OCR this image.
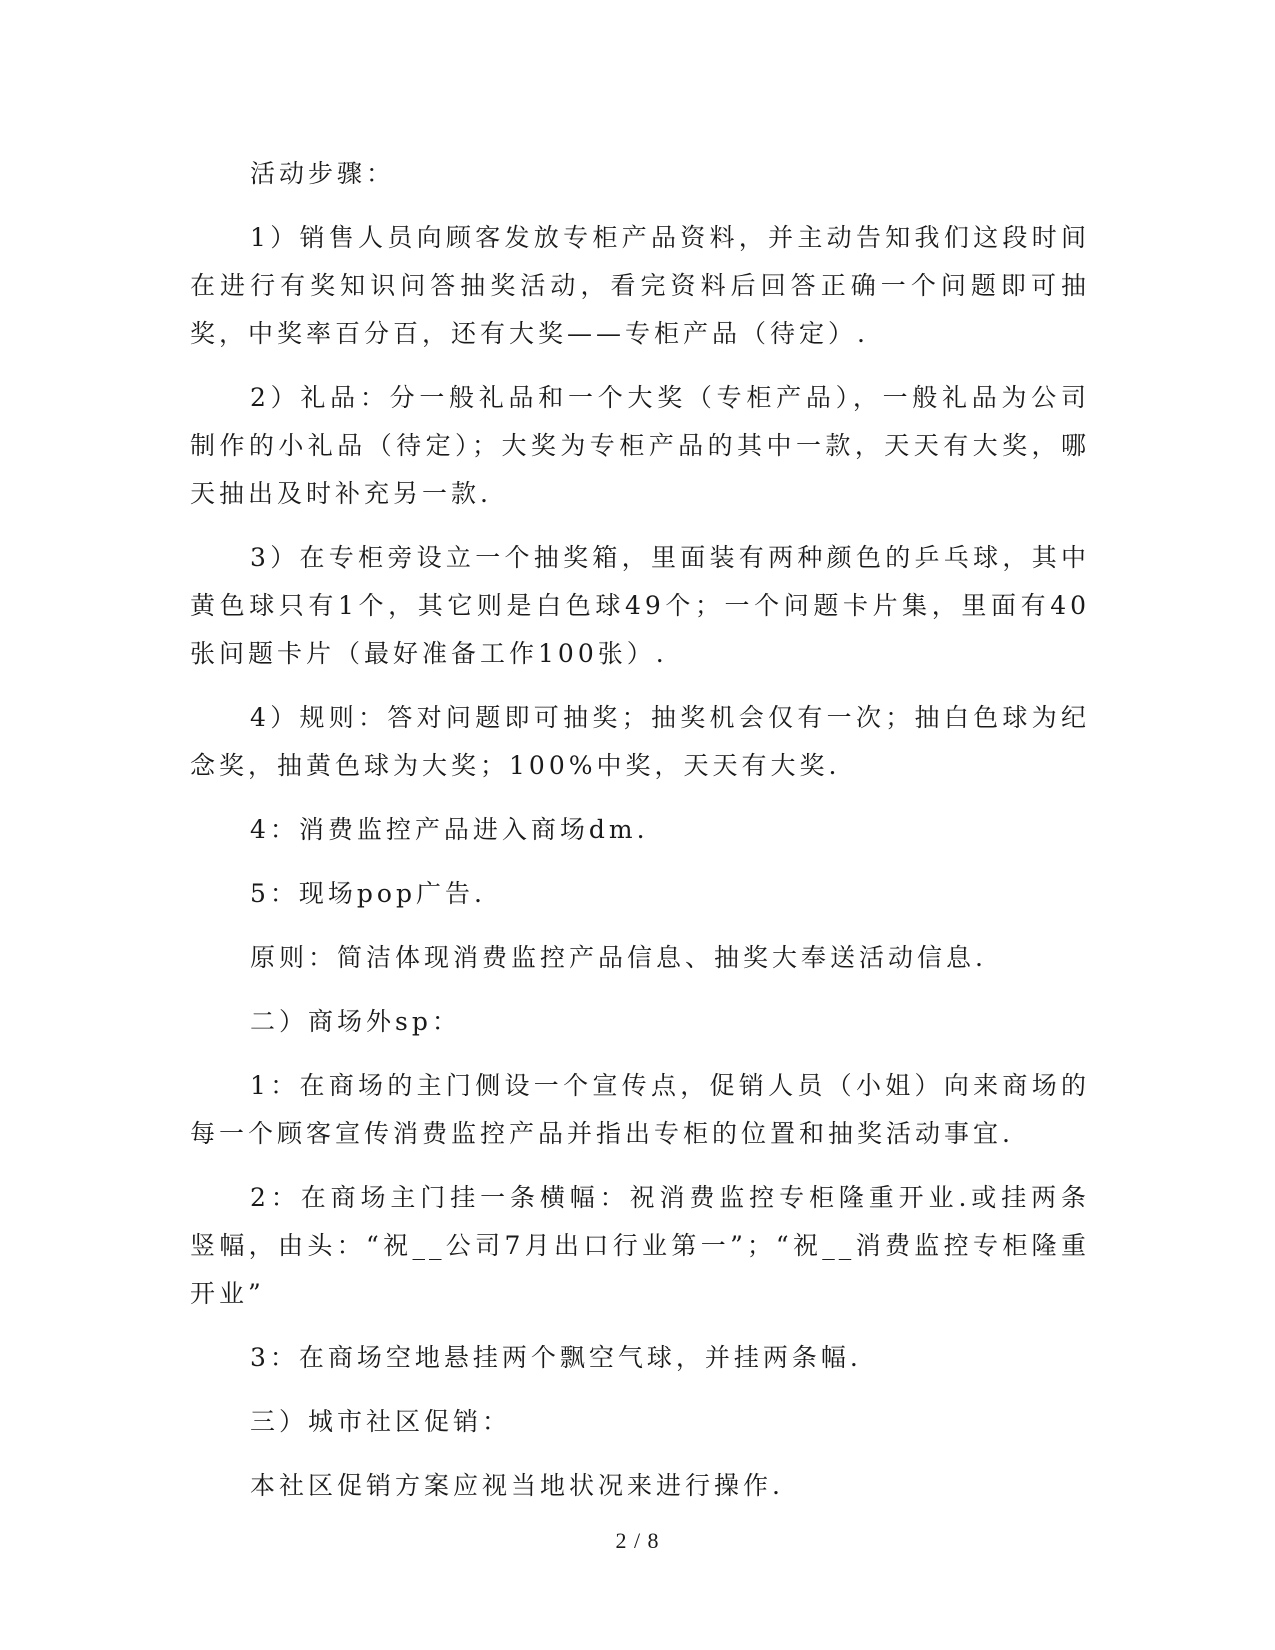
活动步骤：

1）销售人员向顾客发放专柜产品资料，并主动告知我们这段时间在进行有奖知识问答抽奖活动，看完资料后回答正确一个问题即可抽奖，中奖率百分百，还有大奖——专柜产品（待定）.

2）礼品：分一般礼品和一个大奖（专柜产品），一般礼品为公司制作的小礼品（待定）；大奖为专柜产品的其中一款，天天有大奖，哪天抽出及时补充另一款.

3）在专柜旁设立一个抽奖箱，里面装有两种颜色的乒乓球，其中黄色球只有1个，其它则是白色球49个；一个问题卡片集，里面有40张问题卡片（最好准备工作100张）.

4）规则：答对问题即可抽奖；抽奖机会仅有一次；抽白色球为纪念奖，抽黄色球为大奖；100%中奖，天天有大奖.

4：消费监控产品进入商场dm.

5：现场pop广告.

原则：简洁体现消费监控产品信息、抽奖大奉送活动信息.

二）商场外sp：

1：在商场的主门侧设一个宣传点，促销人员（小姐）向来商场的每一个顾客宣传消费监控产品并指出专柜的位置和抽奖活动事宜.

2：在商场主门挂一条横幅：祝消费监控专柜隆重开业.或挂两条竖幅，由头：“祝__公司7月出口行业第一”；“祝__消费监控专柜隆重开业”

3：在商场空地悬挂两个飘空气球，并挂两条幅.

三）城市社区促销：

本社区促销方案应视当地状况来进行操作.

2 / 8
